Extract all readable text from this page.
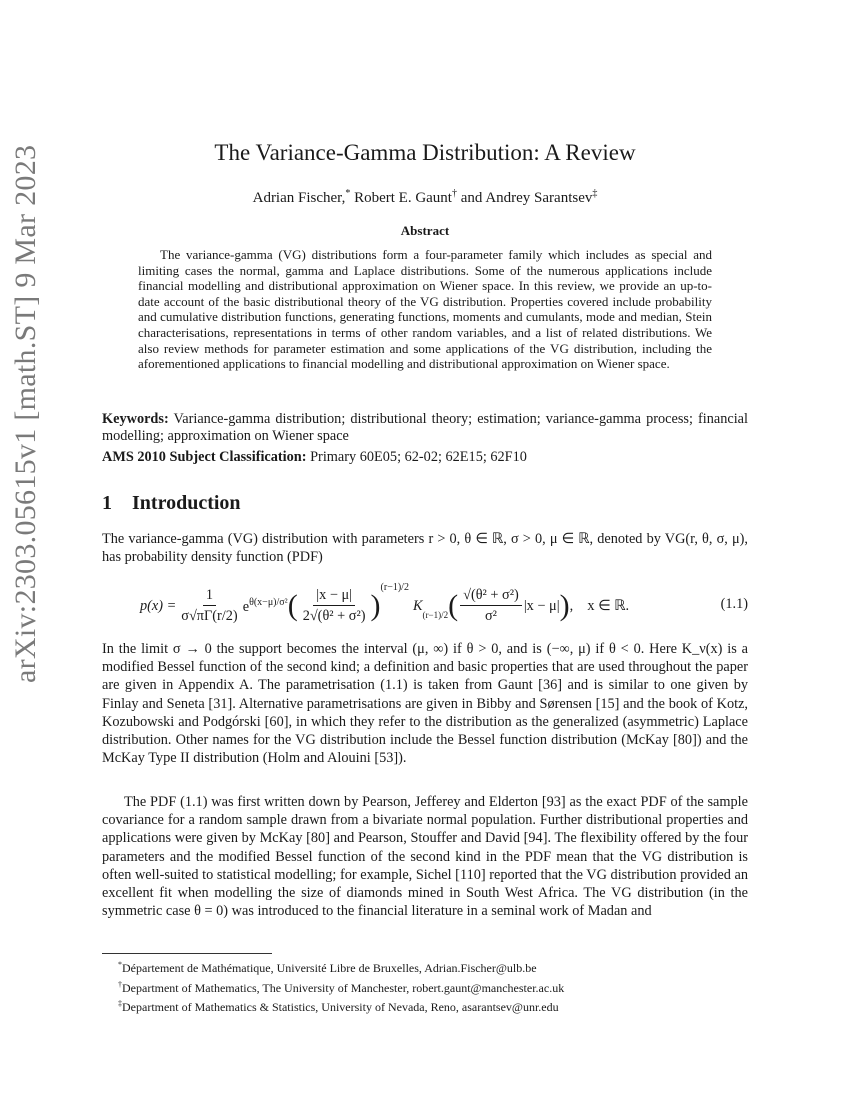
arXiv:2303.05615v1 [math.ST] 9 Mar 2023	The Variance-Gamma Distribution: A Review
Adrian Fischer,* Robert E. Gaunt† and Andrey Sarantsev‡
Abstract
The variance-gamma (VG) distributions form a four-parameter family which includes as special and limiting cases the normal, gamma and Laplace distributions. Some of the numerous applications include financial modelling and distributional approximation on Wiener space. In this review, we provide an up-to-date account of the basic distributional theory of the VG distribution. Properties covered include probability and cumulative distribution functions, generating functions, moments and cumulants, mode and median, Stein characterisations, representations in terms of other random variables, and a list of related distributions. We also review methods for parameter estimation and some applications of the VG distribution, including the aforementioned applications to financial modelling and distributional approximation on Wiener space.
Keywords: Variance-gamma distribution; distributional theory; estimation; variance-gamma process; financial modelling; approximation on Wiener space
AMS 2010 Subject Classification: Primary 60E05; 62-02; 62E15; 62F10
1 Introduction
The variance-gamma (VG) distribution with parameters r > 0, θ ∈ ℝ, σ > 0, μ ∈ ℝ, denoted by VG(r, θ, σ, μ), has probability density function (PDF)
$p(x) = \frac{1}{\sigma√\pi\Gamma(r/2)} e^{\theta(x-\mu)/\sigma^2}$ ( $\frac{|x - \mu|}{\text{2√(θ² + σ²)}}$ )
$^{(r-1)/2}$
K
$_{(r-1)/2}$ ( $\frac{\text{√(θ² + σ²)}}{\text{σ²}} |x - \mu|$ ) ,    x ∈ ℝ.	(1.1)
In the limit σ → 0 the support becomes the interval (μ, ∞) if θ > 0, and is (−∞, μ) if θ < 0. Here K_ν(x) is a modified Bessel function of the second kind; a definition and basic properties that are used throughout the paper are given in Appendix A. The parametrisation (1.1) is taken from Gaunt [36] and is similar to one given by Finlay and Seneta [31]. Alternative parametrisations are given in Bibby and Sørensen [15] and the book of Kotz, Kozubowski and Podgórski [60], in which they refer to the distribution as the generalized (asymmetric) Laplace distribution. Other names for the VG distribution include the Bessel function distribution (McKay [80]) and the McKay Type II distribution (Holm and Alouini [53]).
The PDF (1.1) was first written down by Pearson, Jefferey and Elderton [93] as the exact PDF of the sample covariance for a random sample drawn from a bivariate normal population. Further distributional properties and applications were given by McKay [80] and Pearson, Stouffer and David [94]. The flexibility offered by the four parameters and the modified Bessel function of the second kind in the PDF mean that the VG distribution is often well-suited to statistical modelling; for example, Sichel [110] reported that the VG distribution provided an excellent fit when modelling the size of diamonds mined in South West Africa. The VG distribution (in the symmetric case θ = 0) was introduced to the financial literature in a seminal work of Madan and
*Département de Mathématique, Université Libre de Bruxelles, Adrian.Fischer@ulb.be
†Department of Mathematics, The University of Manchester, robert.gaunt@manchester.ac.uk
‡Department of Mathematics & Statistics, University of Nevada, Reno, asarantsev@unr.edu
